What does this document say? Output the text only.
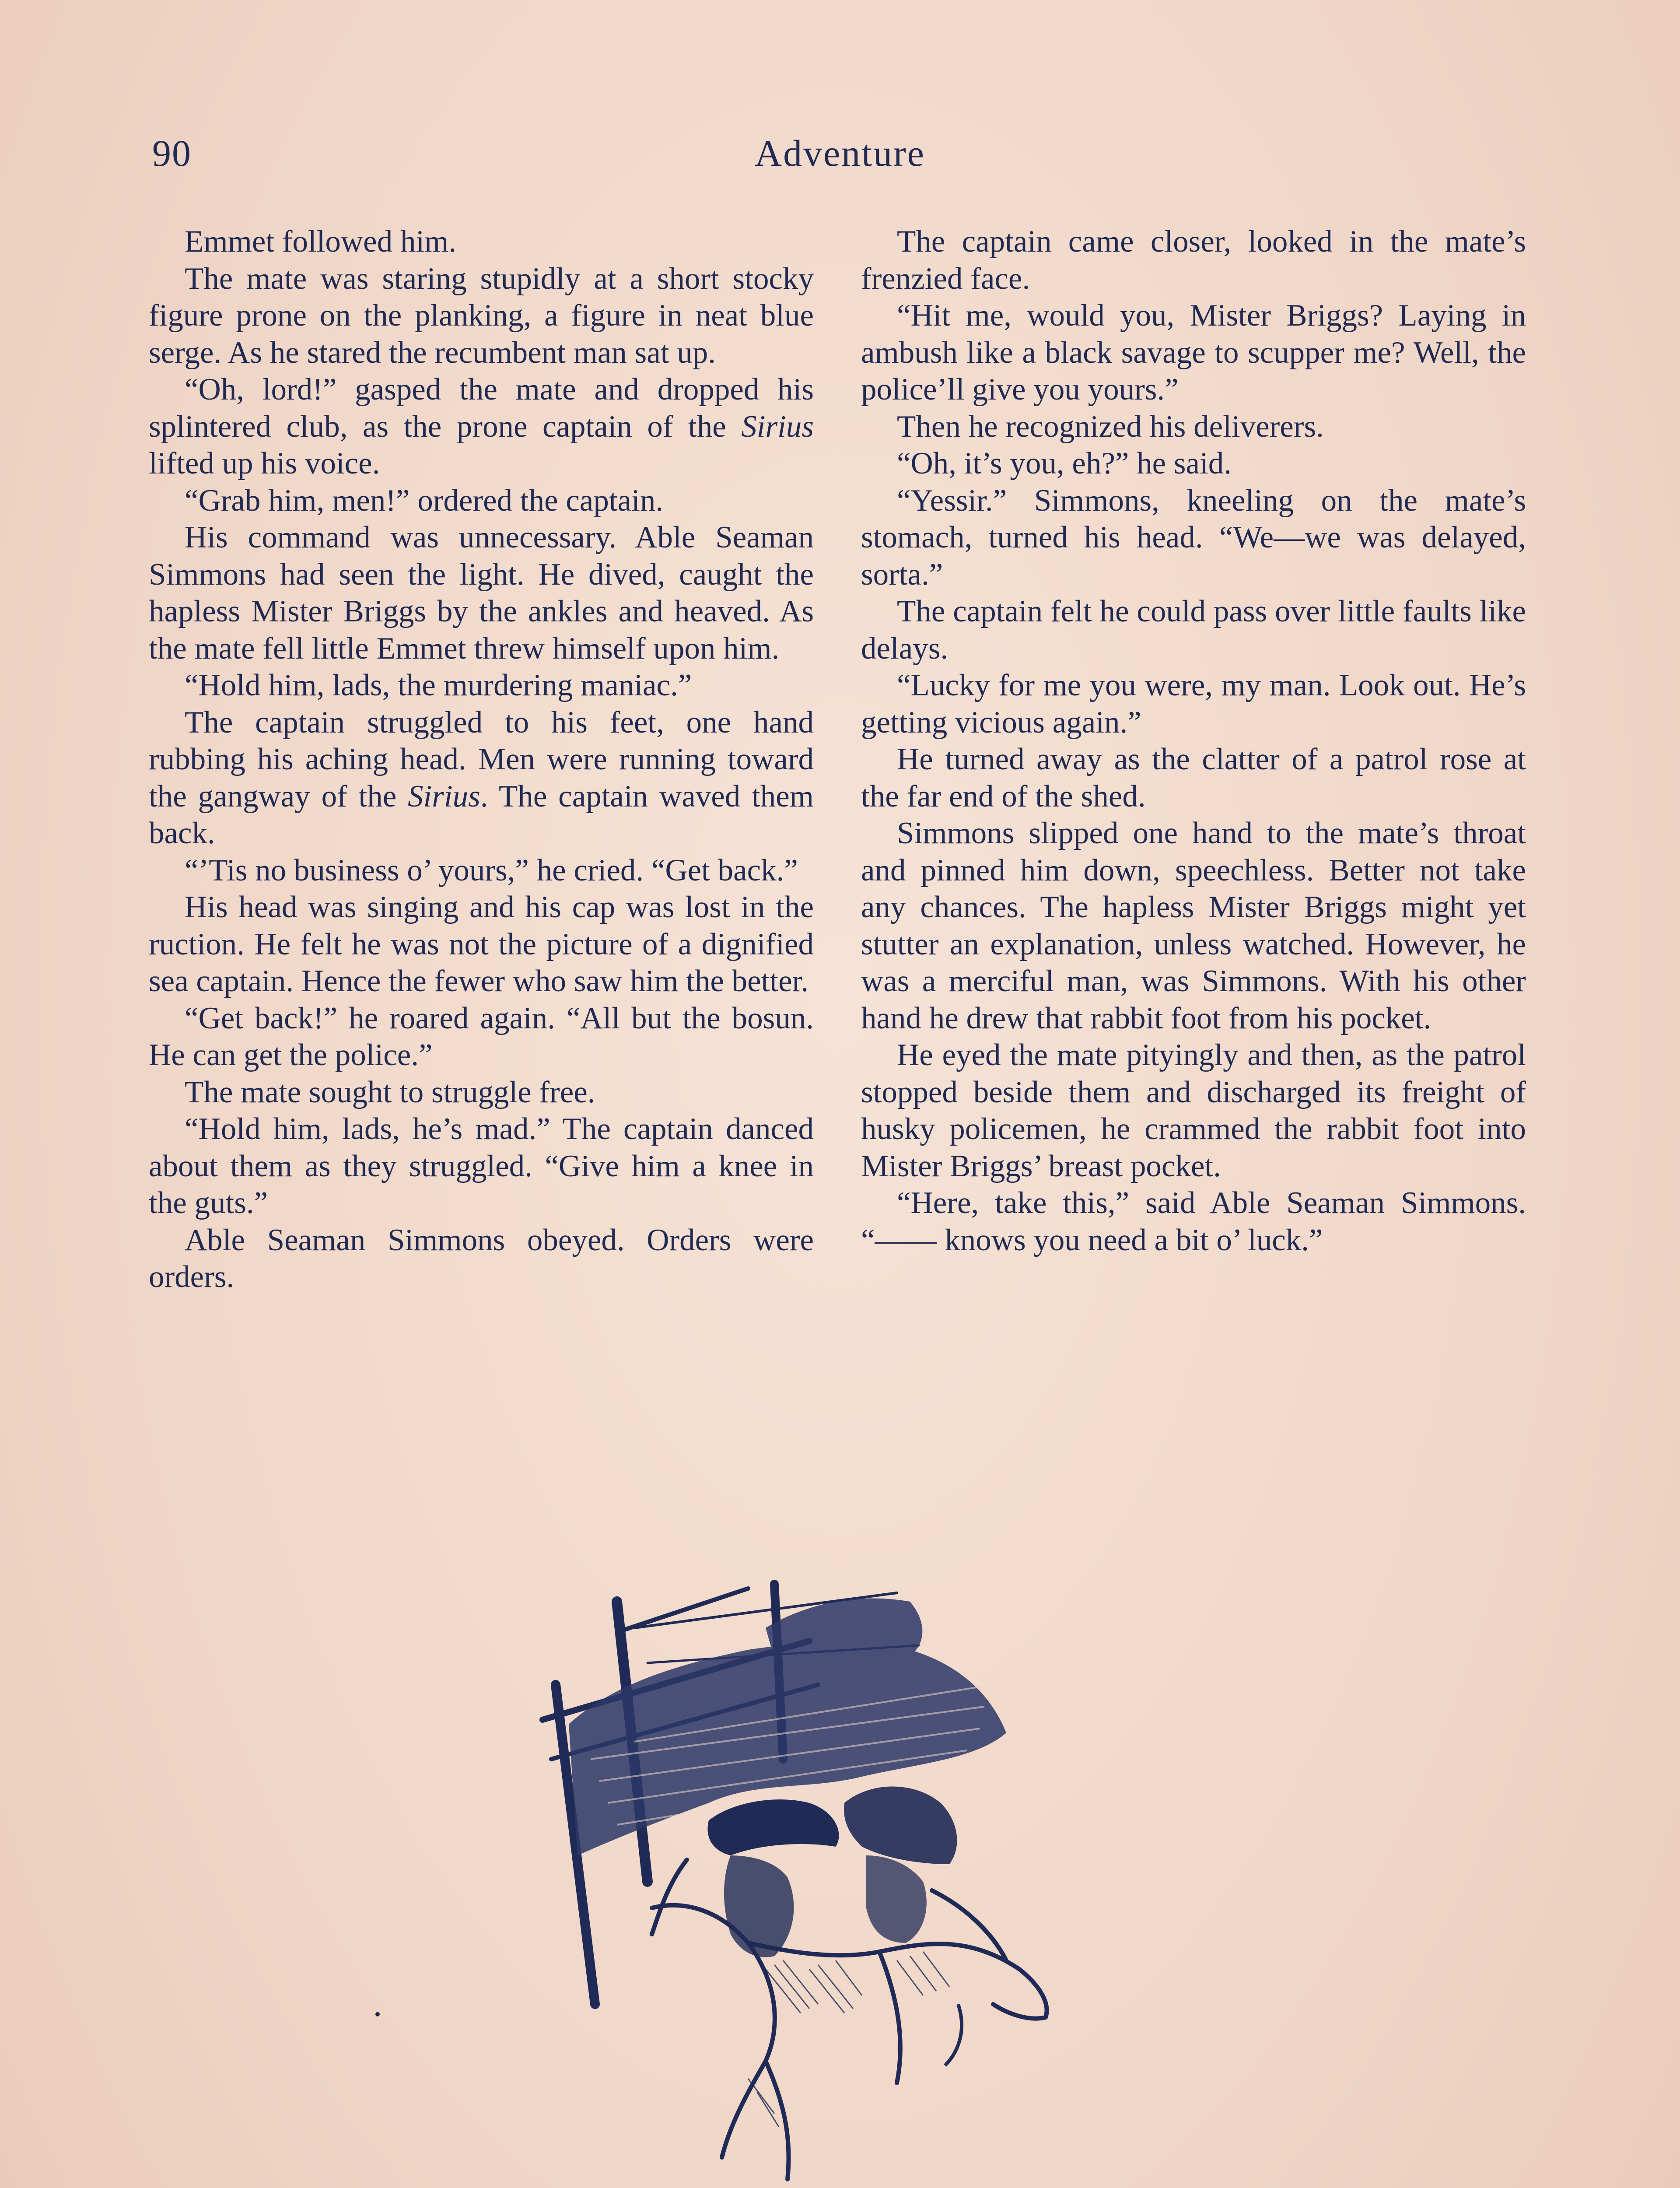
90	Adventure

Emmet followed him.

The mate was staring stupidly at a short stocky figure prone on the planking, a figure in neat blue serge. As he stared the recumbent man sat up.

“Oh, lord!” gasped the mate and dropped his splintered club, as the prone captain of the Sirius lifted up his voice.

“Grab him, men!” ordered the captain.

His command was unnecessary. Able Seaman Simmons had seen the light. He dived, caught the hapless Mister Briggs by the ankles and heaved. As the mate fell little Emmet threw himself upon him.

“Hold him, lads, the murdering maniac.”

The captain struggled to his feet, one hand rubbing his aching head. Men were running toward the gangway of the Sirius. The captain waved them back.

“’Tis no business o’ yours,” he cried. “Get back.”

His head was singing and his cap was lost in the ruction. He felt he was not the picture of a dignified sea captain. Hence the fewer who saw him the better.

“Get back!” he roared again. “All but the bosun. He can get the police.”

The mate sought to struggle free.

“Hold him, lads, he’s mad.” The captain danced about them as they struggled. “Give him a knee in the guts.”

Able Seaman Simmons obeyed. Orders were orders.

The captain came closer, looked in the mate’s frenzied face.

“Hit me, would you, Mister Briggs? Laying in ambush like a black savage to scupper me? Well, the police’ll give you yours.”

Then he recognized his deliverers.

“Oh, it’s you, eh?” he said.

“Yessir.” Simmons, kneeling on the mate’s stomach, turned his head. “We—we was delayed, sorta.”

The captain felt he could pass over little faults like delays.

“Lucky for me you were, my man. Look out. He’s getting vicious again.”

He turned away as the clatter of a patrol rose at the far end of the shed.

Simmons slipped one hand to the mate’s throat and pinned him down, speechless. Better not take any chances. The hapless Mister Briggs might yet stutter an explanation, unless watched. However, he was a merciful man, was Simmons. With his other hand he drew that rabbit foot from his pocket.

He eyed the mate pityingly and then, as the patrol stopped beside them and discharged its freight of husky policemen, he crammed the rabbit foot into Mister Briggs’ breast pocket.

“Here, take this,” said Able Seaman Simmons. “—— knows you need a bit o’ luck.”
